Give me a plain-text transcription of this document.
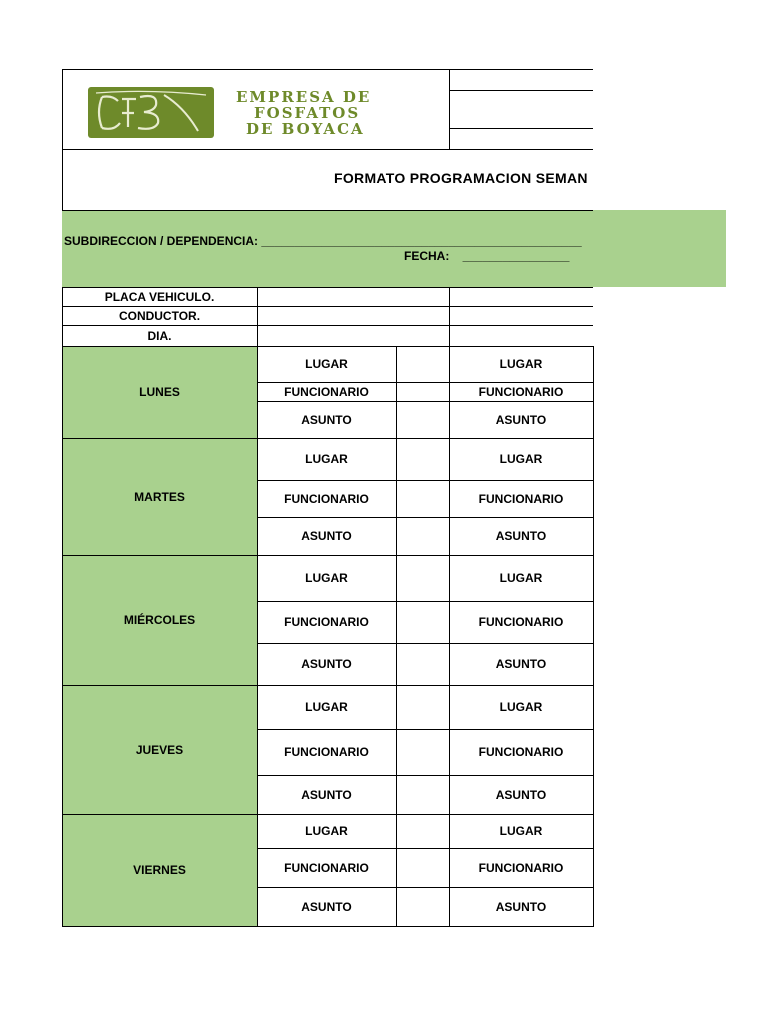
EfB
EMPRESA DE
FOSFATOS
DE BOYACA
FORMATO PROGRAMACION SEMAN
SUBDIRECCION / DEPENDENCIA: ________________________________________________
FECHA: ________________
PLACA VEHICULO.
CONDUCTOR.
DIA.
LUNES
LUGAR	LUGAR
FUNCIONARIO	FUNCIONARIO
ASUNTO	ASUNTO
MARTES
LUGAR	LUGAR
FUNCIONARIO	FUNCIONARIO
ASUNTO	ASUNTO
MIÉRCOLES
LUGAR	LUGAR
FUNCIONARIO	FUNCIONARIO
ASUNTO	ASUNTO
JUEVES
LUGAR	LUGAR
FUNCIONARIO	FUNCIONARIO
ASUNTO	ASUNTO
VIERNES
LUGAR	LUGAR
FUNCIONARIO	FUNCIONARIO
ASUNTO	ASUNTO
